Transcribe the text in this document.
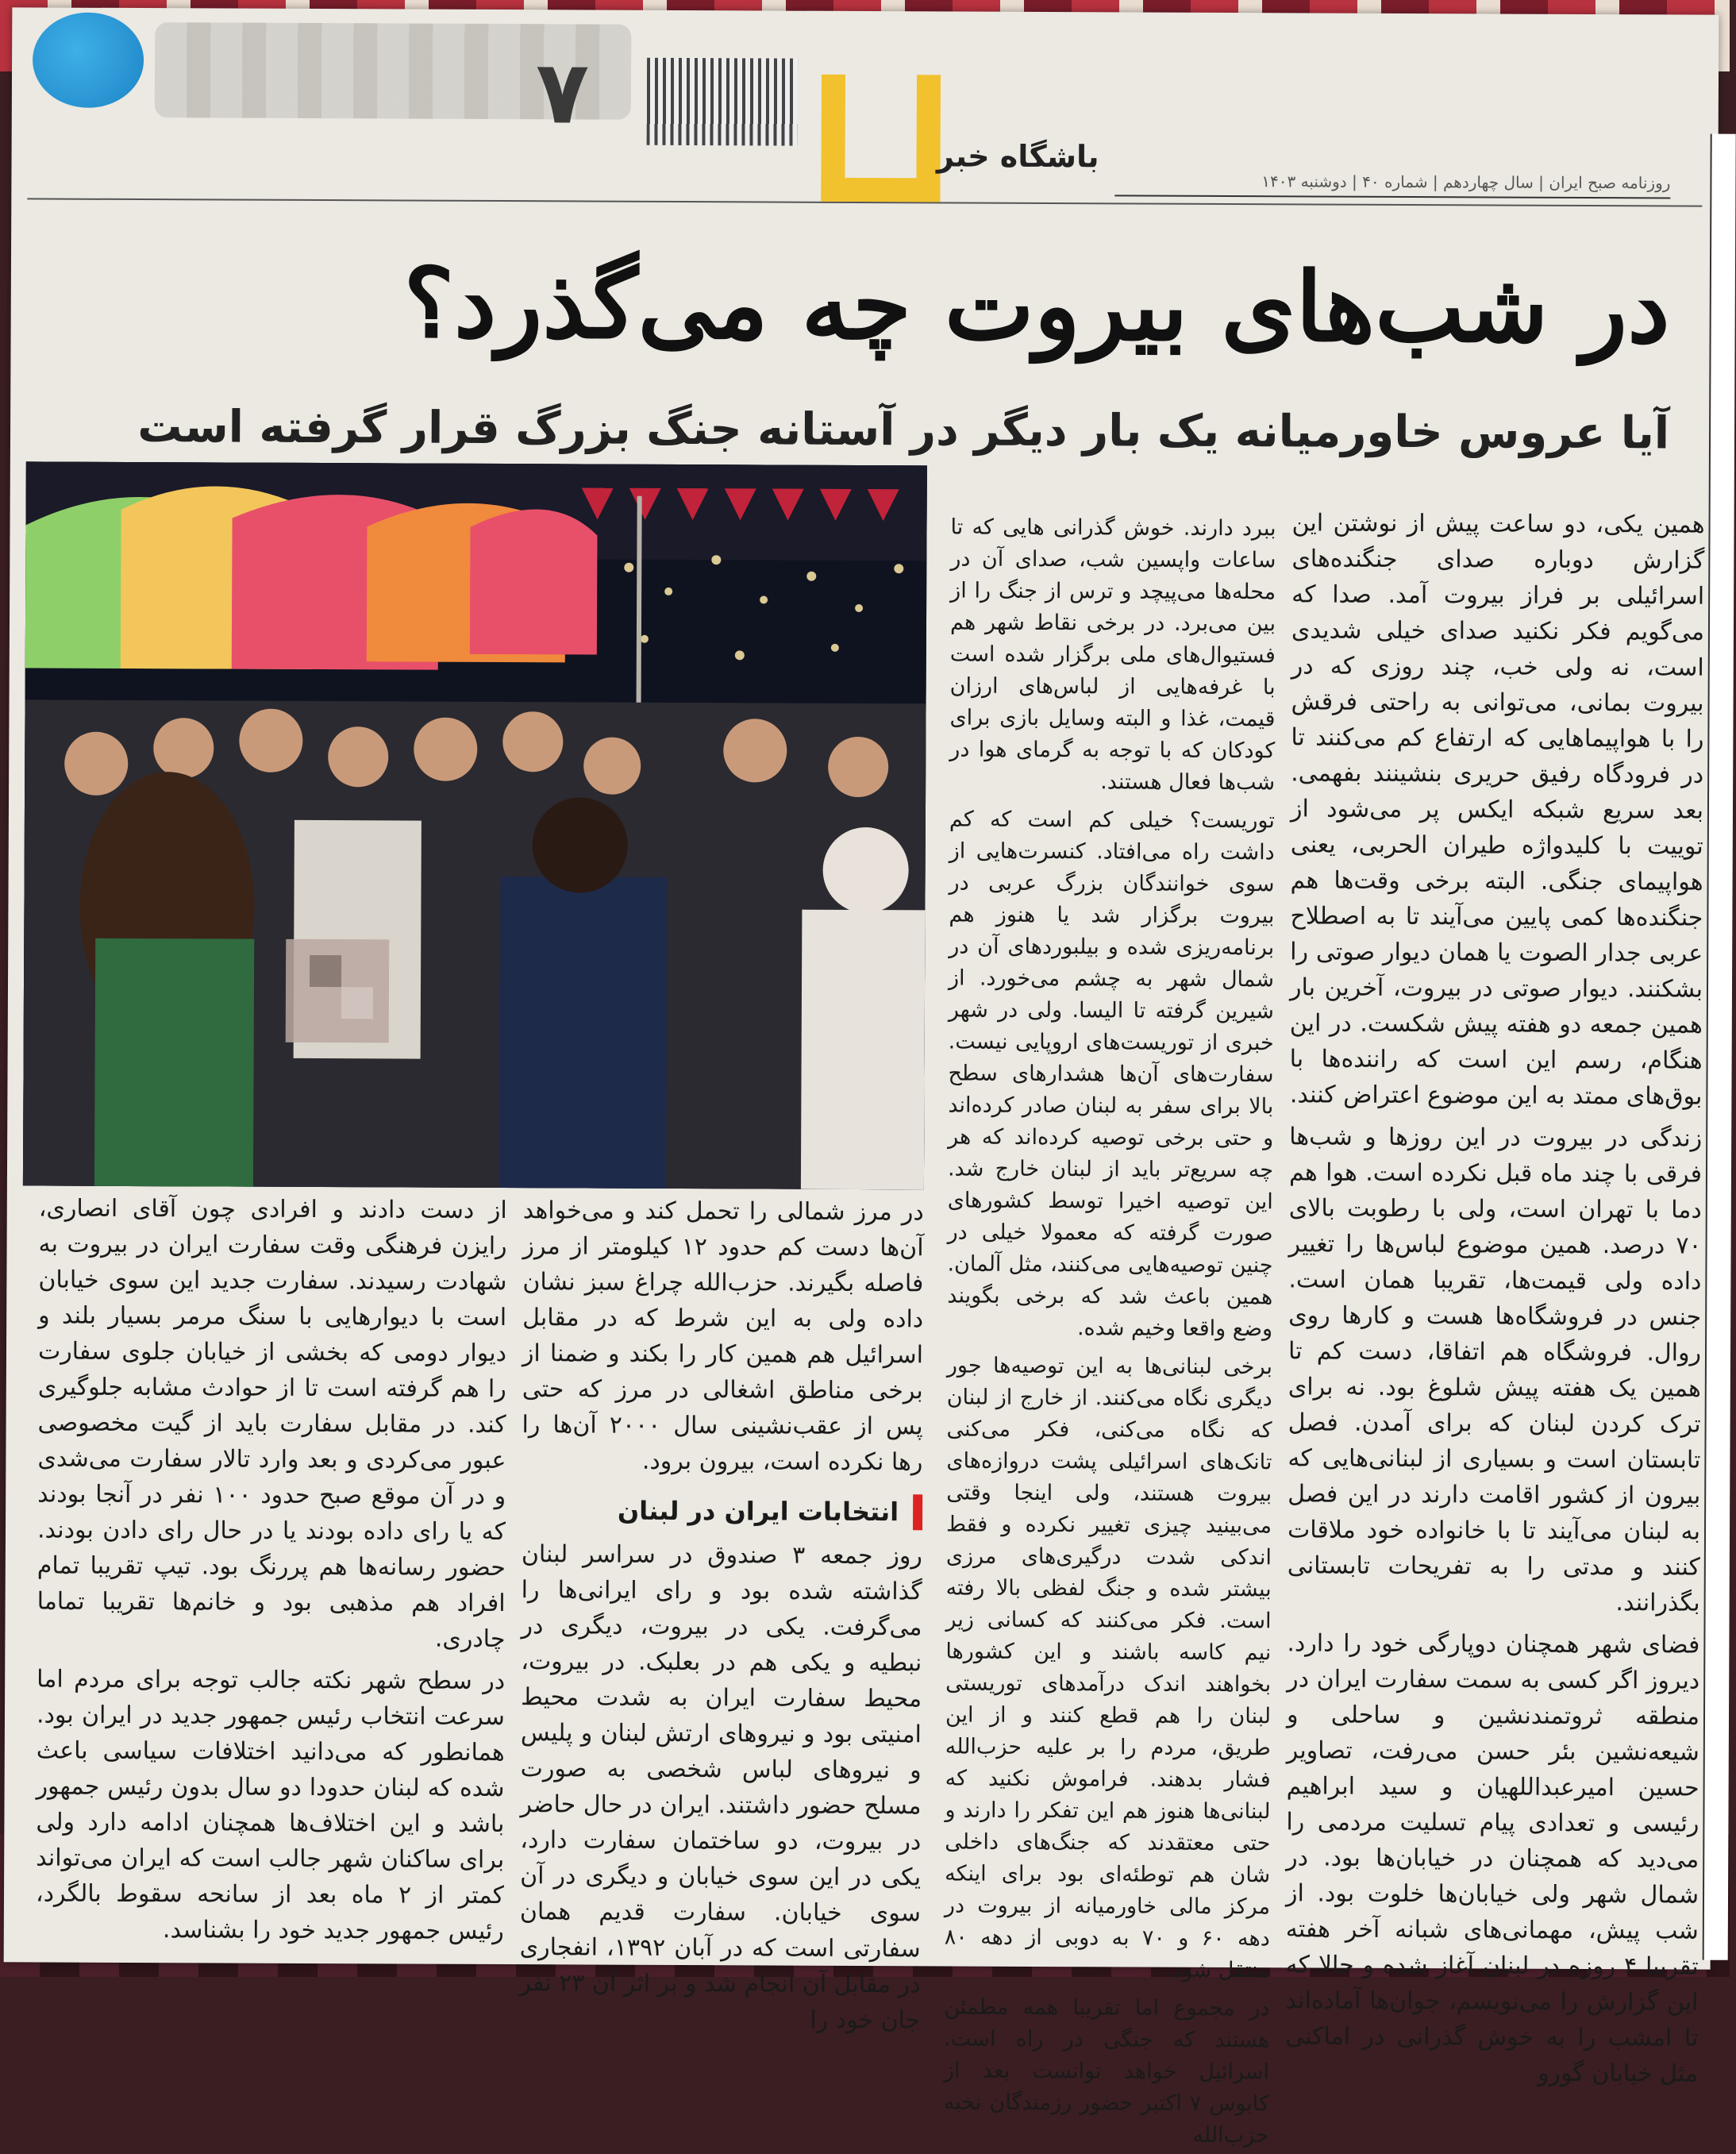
۷
باشگاه خبر
روزنامه صبح ایران | سال چهاردهم | شماره ۴۰ | دوشنبه ۱۴۰۳
در شب‌های بیروت چه می‌گذرد؟
آیا عروس خاورمیانه یک بار دیگر در آستانه جنگ بزرگ قرار گرفته است

همین یکی، دو ساعت پیش از نوشتن این گزارش دوباره صدای جنگنده‌های اسرائیلی بر فراز بیروت آمد. صدا که می‌گویم فکر نکنید صدای خیلی شدیدی است، نه ولی خب، چند روزی که در بیروت بمانی، می‌توانی به راحتی فرقش را با هواپیماهایی که ارتفاع کم می‌کنند تا در فرودگاه رفیق حریری بنشینند بفهمی. بعد سریع شبکه ایکس پر می‌شود از توییت با کلیدواژه طیران الحربی، یعنی هواپیمای جنگی. البته برخی وقت‌ها هم جنگنده‌ها کمی پایین می‌آیند تا به اصطلاح عربی جدار الصوت یا همان دیوار صوتی را بشکنند. دیوار صوتی در بیروت، آخرین بار همین جمعه دو هفته پیش شکست. در این هنگام، رسم این است که راننده‌ها با بوق‌های ممتد به این موضوع اعتراض کنند.

زندگی در بیروت در این روزها و شب‌ها فرقی با چند ماه قبل نکرده است. هوا هم دما با تهران است، ولی با رطوبت بالای ۷۰ درصد. همین موضوع لباس‌ها را تغییر داده ولی قیمت‌ها، تقریبا همان است. جنس در فروشگاه‌ها هست و کارها روی روال. فروشگاه هم اتفاقا، دست کم تا همین یک هفته پیش شلوغ بود. نه برای ترک کردن لبنان که برای آمدن. فصل تابستان است و بسیاری از لبنانی‌هایی که بیرون از کشور اقامت دارند در این فصل به لبنان می‌آیند تا با خانواده خود ملاقات کنند و مدتی را به تفریحات تابستانی بگذرانند.

فضای شهر همچنان دوپارگی خود را دارد. دیروز اگر کسی به سمت سفارت ایران در منطقه ثروتمندنشین و ساحلی و شیعه‌نشین بئر حسن می‌رفت، تصاویر حسین امیرعبداللهیان و سید ابراهیم رئیسی و تعدادی پیام تسلیت مردمی را می‌دید که همچنان در خیابان‌ها بود. در شمال شهر ولی خیابان‌ها خلوت بود. از شب پیش، مهمانی‌های شبانه آخر هفته تقریبا ۴ روزه در لبنان آغاز شده و حالا که این گزارش را می‌نویسم، جوان‌ها آماده‌اند تا امشب را به خوش گذرانی در اماکنی مثل خیابان گورو

ببرد دارند. خوش گذرانی هایی که تا ساعات واپسین شب، صدای آن در محله‌ها می‌پیچد و ترس از جنگ را از بین می‌برد. در برخی نقاط شهر هم فستیوال‌های ملی برگزار شده است با غرفه‌هایی از لباس‌های ارزان قیمت، غذا و البته وسایل بازی برای کودکان که با توجه به گرمای هوا در شب‌ها فعال هستند.

توریست؟ خیلی کم است که کم داشت راه می‌افتاد. کنسرت‌هایی از سوی خوانندگان بزرگ عربی در بیروت برگزار شد یا هنوز هم برنامه‌ریزی شده و بیلبوردهای آن در شمال شهر به چشم می‌خورد. از شیرین گرفته تا الیسا. ولی در شهر خبری از توریست‌های اروپایی نیست. سفارت‌های آن‌ها هشدارهای سطح بالا برای سفر به لبنان صادر کرده‌اند و حتی برخی توصیه کرده‌اند که هر چه سریع‌تر باید از لبنان خارج شد. این توصیه اخیرا توسط کشورهای صورت گرفته که معمولا خیلی در چنین توصیه‌هایی می‌کنند، مثل آلمان. همین باعث شد که برخی بگویند وضع واقعا وخیم شده.

برخی لبنانی‌ها به این توصیه‌ها جور دیگری نگاه می‌کنند. از خارج از لبنان که نگاه می‌کنی، فکر می‌کنی تانک‌های اسرائیلی پشت دروازه‌های بیروت هستند، ولی اینجا وقتی می‌بینید چیزی تغییر نکرده و فقط اندکی شدت درگیری‌های مرزی بیشتر شده و جنگ لفظی بالا رفته است. فکر می‌کنند که کسانی زیر نیم کاسه باشند و این کشورها بخواهند اندک درآمدهای توریستی لبنان را هم قطع کنند و از این طریق، مردم را بر علیه حزب‌الله فشار بدهند. فراموش نکنید که لبنانی‌ها هنوز هم این تفکر را دارند و حتی معتقدند که جنگ‌های داخلی شان هم توطئه‌ای بود برای اینکه مرکز مالی خاورمیانه از بیروت در دهه ۶۰ و ۷۰ به دوبی از دهه ۸۰ منتقل شود.

در مجموع اما تقریبا همه مطمئن هستند که جنگی در راه است. اسرائیل خواهد توانست بعد از کابوس ۷ اکتبر حضور رزمندگان نخبه حزب‌الله

در مرز شمالی را تحمل کند و می‌خواهد آن‌ها دست کم حدود ۱۲ کیلومتر از مرز فاصله بگیرند. حزب‌الله چراغ سبز نشان داده ولی به این شرط که در مقابل اسرائیل هم همین کار را بکند و ضمنا از برخی مناطق اشغالی در مرز که حتی پس از عقب‌نشینی سال ۲۰۰۰ آن‌ها را رها نکرده است، بیرون برود.

انتخابات ایران در لبنان

روز جمعه ۳ صندوق در سراسر لبنان گذاشته شده بود و رای ایرانی‌ها را می‌گرفت. یکی در بیروت، دیگری در نبطیه و یکی هم در بعلبک. در بیروت، محیط سفارت ایران به شدت محیط امنیتی بود و نیروهای ارتش لبنان و پلیس و نیروهای لباس شخصی به صورت مسلح حضور داشتند. ایران در حال حاضر در بیروت، دو ساختمان سفارت دارد، یکی در این سوی خیابان و دیگری در آن سوی خیابان. سفارت قدیم همان سفارتی است که در آبان ۱۳۹۲، انفجاری در مقابل آن انجام شد و بر اثر آن ۲۳ نفر جان خود را

از دست دادند و افرادی چون آقای انصاری، رایزن فرهنگی وقت سفارت ایران در بیروت به شهادت رسیدند. سفارت جدید این سوی خیابان است با دیوارهایی با سنگ مرمر بسیار بلند و دیوار دومی که بخشی از خیابان جلوی سفارت را هم گرفته است تا از حوادث مشابه جلوگیری کند. در مقابل سفارت باید از گیت مخصوصی عبور می‌کردی و بعد وارد تالار سفارت می‌شدی و در آن موقع صبح حدود ۱۰۰ نفر در آنجا بودند که یا رای داده بودند یا در حال رای دادن بودند. حضور رسانه‌ها هم پررنگ بود. تیپ تقریبا تمام افراد هم مذهبی بود و خانم‌ها تقریبا تماما چادری.

در سطح شهر نکته جالب توجه برای مردم اما سرعت انتخاب رئیس جمهور جدید در ایران بود. همانطور که می‌دانید اختلافات سیاسی باعث شده که لبنان حدودا دو سال بدون رئیس جمهور باشد و این اختلاف‌ها همچنان ادامه دارد ولی برای ساکنان شهر جالب است که ایران می‌تواند کمتر از ۲ ماه بعد از سانحه سقوط بالگرد، رئیس جمهور جدید خود را بشناسد.
